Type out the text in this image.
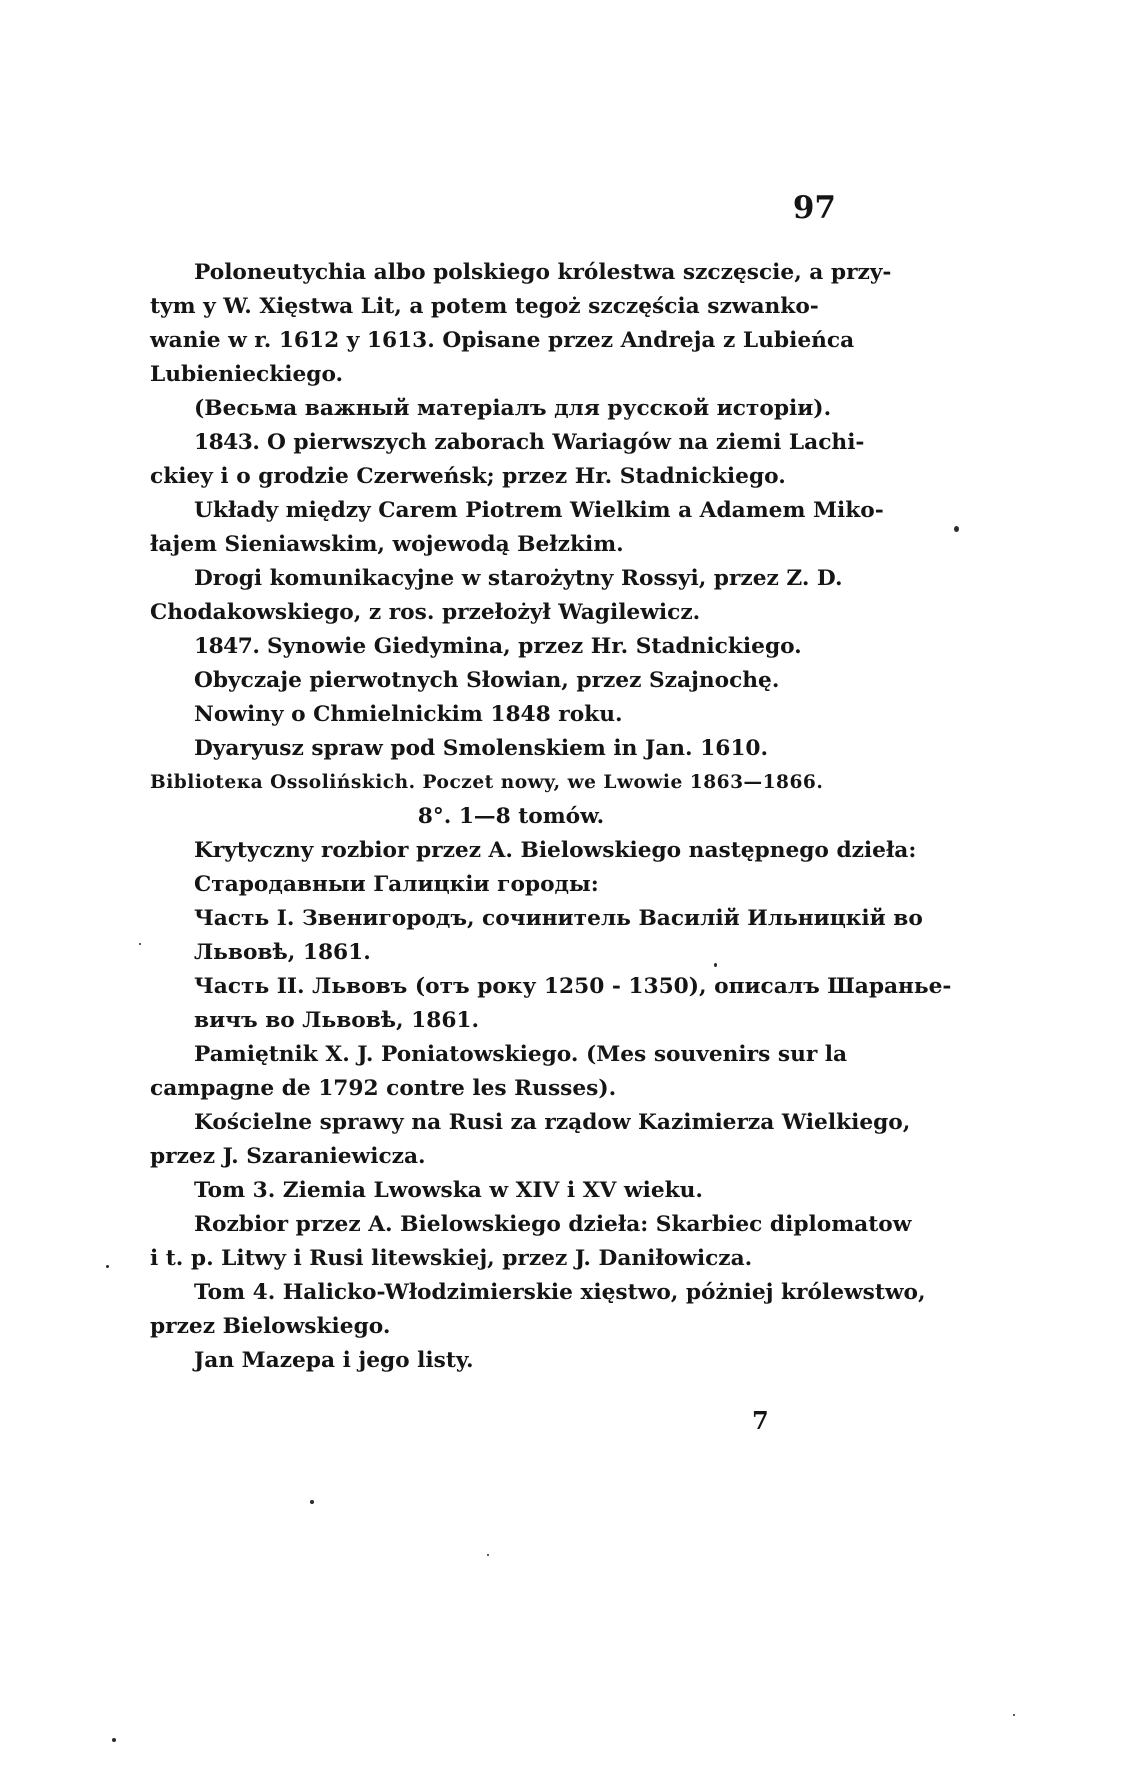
97
Poloneutychia albo polskiego królestwa szczęscie, a przy-
tym y W. Xięstwa Lit, a potem tegoż szczęścia szwanko-
wanie w r. 1612 y 1613. Opisane przez Andreja z Lubieńca
Lubienieckiego.
(Весьма важный матеріалъ для русской исторіи).
1843. O pierwszych zaborach Wariagów na ziemi Lachi-
ckiey i o grodzie Czerweńsk; przez Hr. Stadnickiego.
Układy między Carem Piotrem Wielkim a Adamem Miko-
łajem Sieniawskim, wojewodą Bełzkim.
Drogi komunikacyjne w starożytny Rossyi, przez Z. D.
Chodakowskiego, z ros. przełożył Wagilewicz.
1847. Synowie Giedymina, przez Hr. Stadnickiego.
Obyczaje pierwotnych Słowian, przez Szajnochę.
Nowiny o Chmielnickim 1848 roku.
Dyaryusz spraw pod Smolenskiem in Jan. 1610.
Bibliotека Ossolińskich. Poczet nowy, we Lwowie 1863—1866.
8°. 1—8 tomów.
Krytyczny rozbior przez A. Bielowskiego następnego dzieła:
Стародавныи Галицкіи городы:
Часть I. Звенигородъ, сочинитель Василій Ильницкій во
Львовѣ, 1861.
Часть II. Львовъ (отъ року 1250 - 1350), описалъ Шараньe-
вичъ во Львовѣ, 1861.
Pamiętnik X. J. Poniatowskiego. (Mes souvenirs sur la
campagne de 1792 contre les Russes).
Kościelne sprawy na Rusi za rządow Kazimierza Wielkiego,
przez J. Szaraniewicza.
Tom 3. Ziemia Lwowska w XIV i XV wieku.
Rozbior przez A. Bielowskiego dzieła: Skarbiec diplomatow
i t. p. Litwy i Rusi litewskiej, przez J. Daniłowicza.
Tom 4. Halicko-Włodzimierskie xięstwo, póżniej królewstwo,
przez Bielowskiego.
Jan Mazepa i jego listy.
7
